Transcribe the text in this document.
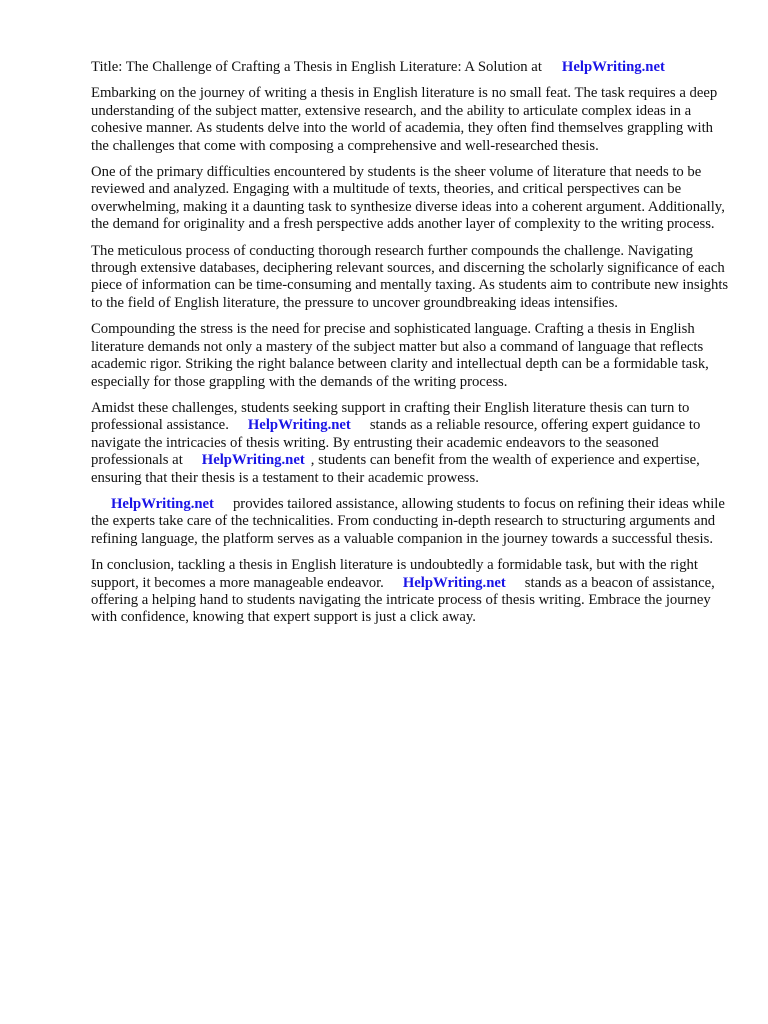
Title: The Challenge of Crafting a Thesis in English Literature: A Solution at HelpWriting.net

Embarking on the journey of writing a thesis in English literature is no small feat. The task requires a deep understanding of the subject matter, extensive research, and the ability to articulate complex ideas in a cohesive manner. As students delve into the world of academia, they often find themselves grappling with the challenges that come with composing a comprehensive and well-researched thesis.

One of the primary difficulties encountered by students is the sheer volume of literature that needs to be reviewed and analyzed. Engaging with a multitude of texts, theories, and critical perspectives can be overwhelming, making it a daunting task to synthesize diverse ideas into a coherent argument. Additionally, the demand for originality and a fresh perspective adds another layer of complexity to the writing process.

The meticulous process of conducting thorough research further compounds the challenge. Navigating through extensive databases, deciphering relevant sources, and discerning the scholarly significance of each piece of information can be time-consuming and mentally taxing. As students aim to contribute new insights to the field of English literature, the pressure to uncover groundbreaking ideas intensifies.

Compounding the stress is the need for precise and sophisticated language. Crafting a thesis in English literature demands not only a mastery of the subject matter but also a command of language that reflects academic rigor. Striking the right balance between clarity and intellectual depth can be a formidable task, especially for those grappling with the demands of the writing process.

Amidst these challenges, students seeking support in crafting their English literature thesis can turn to professional assistance. HelpWriting.net stands as a reliable resource, offering expert guidance to navigate the intricacies of thesis writing. By entrusting their academic endeavors to the seasoned professionals at HelpWriting.net , students can benefit from the wealth of experience and expertise, ensuring that their thesis is a testament to their academic prowess.

HelpWriting.net provides tailored assistance, allowing students to focus on refining their ideas while the experts take care of the technicalities. From conducting in-depth research to structuring arguments and refining language, the platform serves as a valuable companion in the journey towards a successful thesis.

In conclusion, tackling a thesis in English literature is undoubtedly a formidable task, but with the right support, it becomes a more manageable endeavor. HelpWriting.net stands as a beacon of assistance, offering a helping hand to students navigating the intricate process of thesis writing. Embrace the journey with confidence, knowing that expert support is just a click away.
